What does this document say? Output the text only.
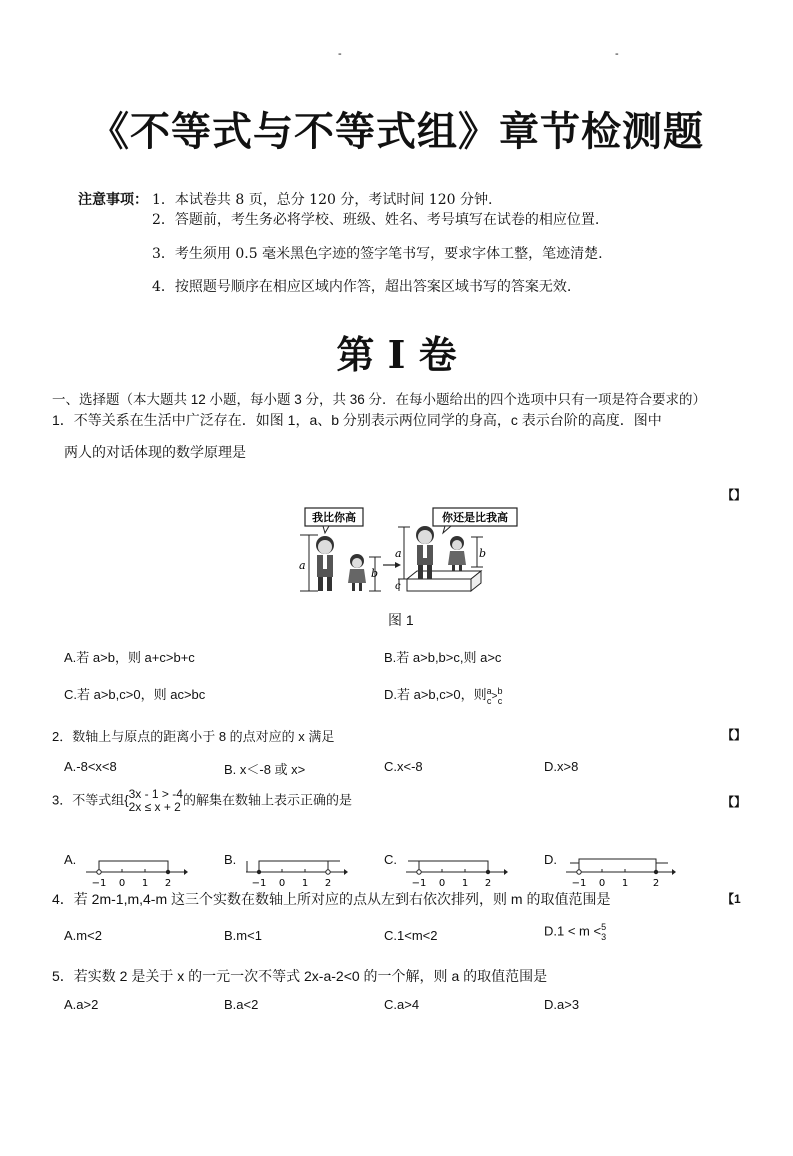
-	-
《不等式与不等式组》章节检测题
注意事项： 1．本试卷共 8 页，总分 120 分，考试时间 120 分钟.
2．答题前，考生务必将学校、班级、姓名、考号填写在试卷的相应位置.
3．考生须用 0.5 毫米黑色字迹的签字笔书写，要求字体工整，笔迹清楚.
4．按照题号顺序在相应区域内作答，超出答案区域书写的答案无效.
第 I 卷
一、选择题（本大题共 12 小题，每小题 3 分，共 36 分．在每小题给出的四个选项中只有一项是符合要求的）
1．不等关系在生活中广泛存在．如图 1，a、b 分别表示两位同学的身高，c 表示台阶的高度．图中
两人的对话体现的数学原理是
【】
我比你高
a
b
你还是比我高
a
c
b
图 1
A.若 a>b，则 a+c>b+c	B.若 a>b,b>c,则 a>c
C.若 a>b,c>0，则 ac>bc	D.若 a>b,c>0，则 a
c >
b
c
2．数轴上与原点的距离小于 8 的点对应的 x 满足	【】
A.-8<x<8	B. x＜-8 或 x>	C.x<-8	D.x>8
3．不等式组{ 3x - 1 > -4
2x ≤ x + 2 的解集在数轴上表示正确的是	【】
A.	B.	C.	D.
−1 0 1 2	−1 0 1 2	−1 0 1 2	−1 0 1 2
4．若 2m-1,m,4-m 这三个实数在数轴上所对应的点从左到右依次排列，则 m 的取值范围是	【1
A.m<2	B.m<1	C.1<m<2	D.1 < m < 5
3
5．若实数 2 是关于 x 的一元一次不等式 2x-a-2<0 的一个解，则 a 的取值范围是
A.a>2	B.a<2	C.a>4	D.a>3
